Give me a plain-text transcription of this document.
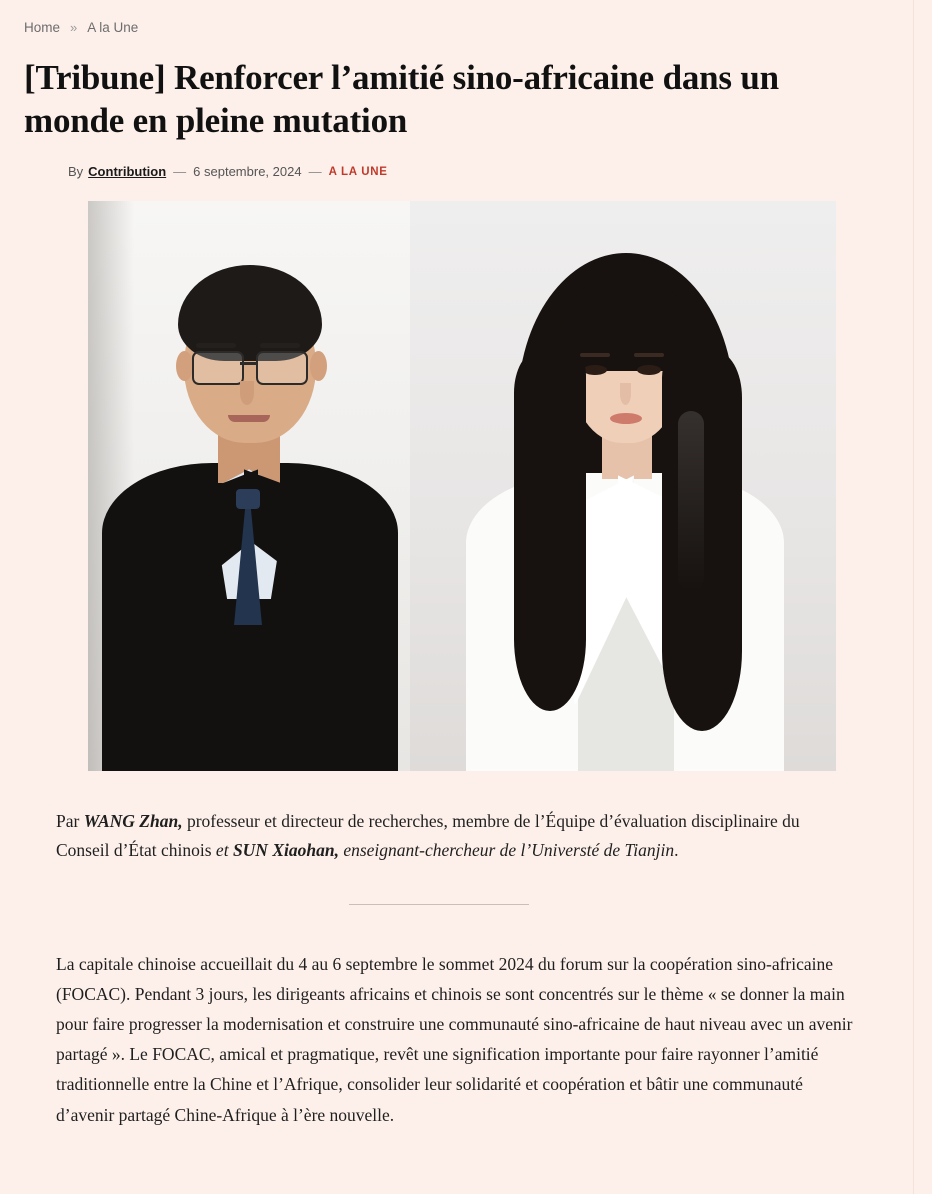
Home » A la Une
[Tribune] Renforcer l’amitié sino-africaine dans un monde en pleine mutation
By Contribution — 6 septembre, 2024 — A LA UNE

Par WANG Zhan, professeur et directeur de recherches, membre de l’Équipe d’évaluation disciplinaire du Conseil d’État chinois et SUN Xiaohan, enseignant-chercheur de l’Universté de Tianjin.

La capitale chinoise accueillait du 4 au 6 septembre le sommet 2024 du forum sur la coopération sino-africaine (FOCAC). Pendant 3 jours, les dirigeants africains et chinois se sont concentrés sur le thème « se donner la main pour faire progresser la modernisation et construire une communauté sino-africaine de haut niveau avec un avenir partagé ». Le FOCAC, amical et pragmatique, revêt une signification importante pour faire rayonner l’amitié traditionnelle entre la Chine et l’Afrique, consolider leur solidarité et coopération et bâtir une communauté d’avenir partagé Chine-Afrique à l’ère nouvelle.
